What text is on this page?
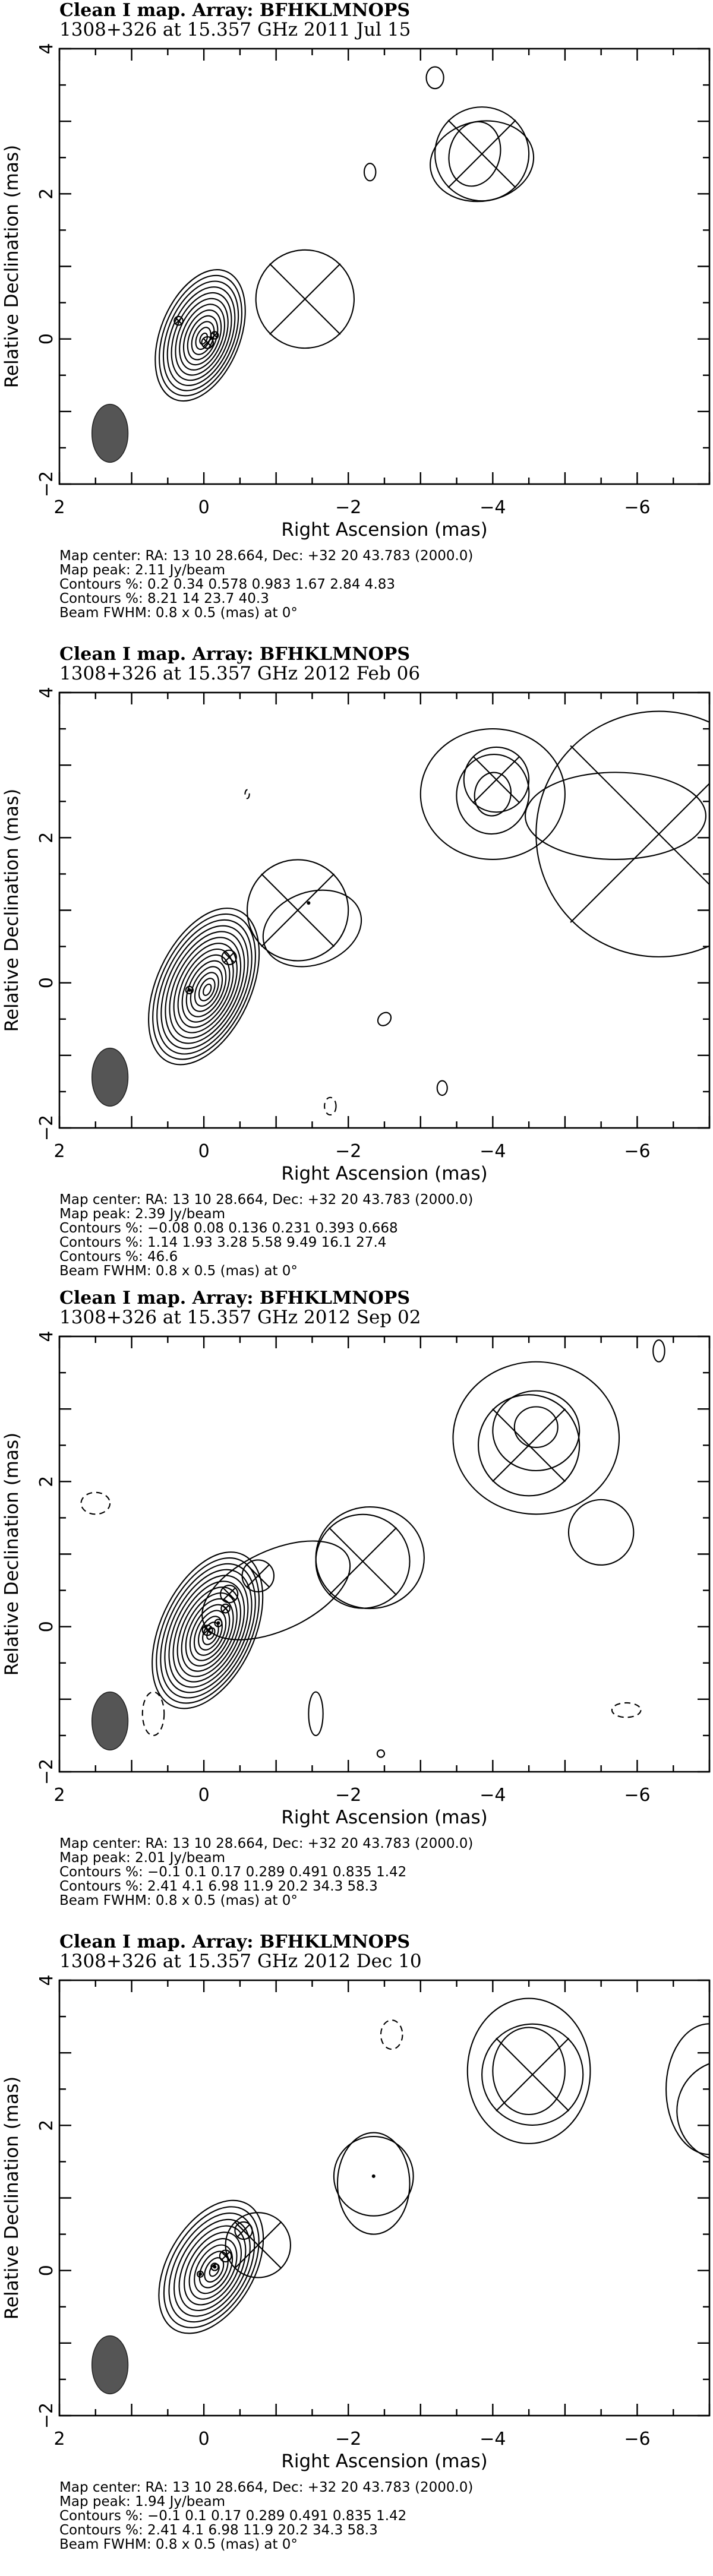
Clean I map. Array: BFHKLMNOPS
1308+326 at 15.357 GHz 2011 Jul 15
2	0	−2	−4	−6
−2
0
2
4
Right Ascension (mas)
Relative Declination (mas)
Map center: RA: 13 10 28.664, Dec: +32 20 43.783 (2000.0)
Map peak: 2.11 Jy/beam
Contours %: 0.2 0.34 0.578 0.983 1.67 2.84 4.83
Contours %: 8.21 14 23.7 40.3
Beam FWHM: 0.8 x 0.5 (mas) at 0°
Clean I map. Array: BFHKLMNOPS
1308+326 at 15.357 GHz 2012 Feb 06
2	0	−2	−4	−6
−2
0
2
4
Right Ascension (mas)
Relative Declination (mas)
Map center: RA: 13 10 28.664, Dec: +32 20 43.783 (2000.0)
Map peak: 2.39 Jy/beam
Contours %: −0.08 0.08 0.136 0.231 0.393 0.668
Contours %: 1.14 1.93 3.28 5.58 9.49 16.1 27.4
Contours %: 46.6
Beam FWHM: 0.8 x 0.5 (mas) at 0°
Clean I map. Array: BFHKLMNOPS
1308+326 at 15.357 GHz 2012 Sep 02
2	0	−2	−4	−6
−2
0
2
4
Right Ascension (mas)
Relative Declination (mas)
Map center: RA: 13 10 28.664, Dec: +32 20 43.783 (2000.0)
Map peak: 2.01 Jy/beam
Contours %: −0.1 0.1 0.17 0.289 0.491 0.835 1.42
Contours %: 2.41 4.1 6.98 11.9 20.2 34.3 58.3
Beam FWHM: 0.8 x 0.5 (mas) at 0°
Clean I map. Array: BFHKLMNOPS
1308+326 at 15.357 GHz 2012 Dec 10
2	0	−2	−4	−6
−2
0
2
4
Right Ascension (mas)
Relative Declination (mas)
Map center: RA: 13 10 28.664, Dec: +32 20 43.783 (2000.0)
Map peak: 1.94 Jy/beam
Contours %: −0.1 0.1 0.17 0.289 0.491 0.835 1.42
Contours %: 2.41 4.1 6.98 11.9 20.2 34.3 58.3
Beam FWHM: 0.8 x 0.5 (mas) at 0°
